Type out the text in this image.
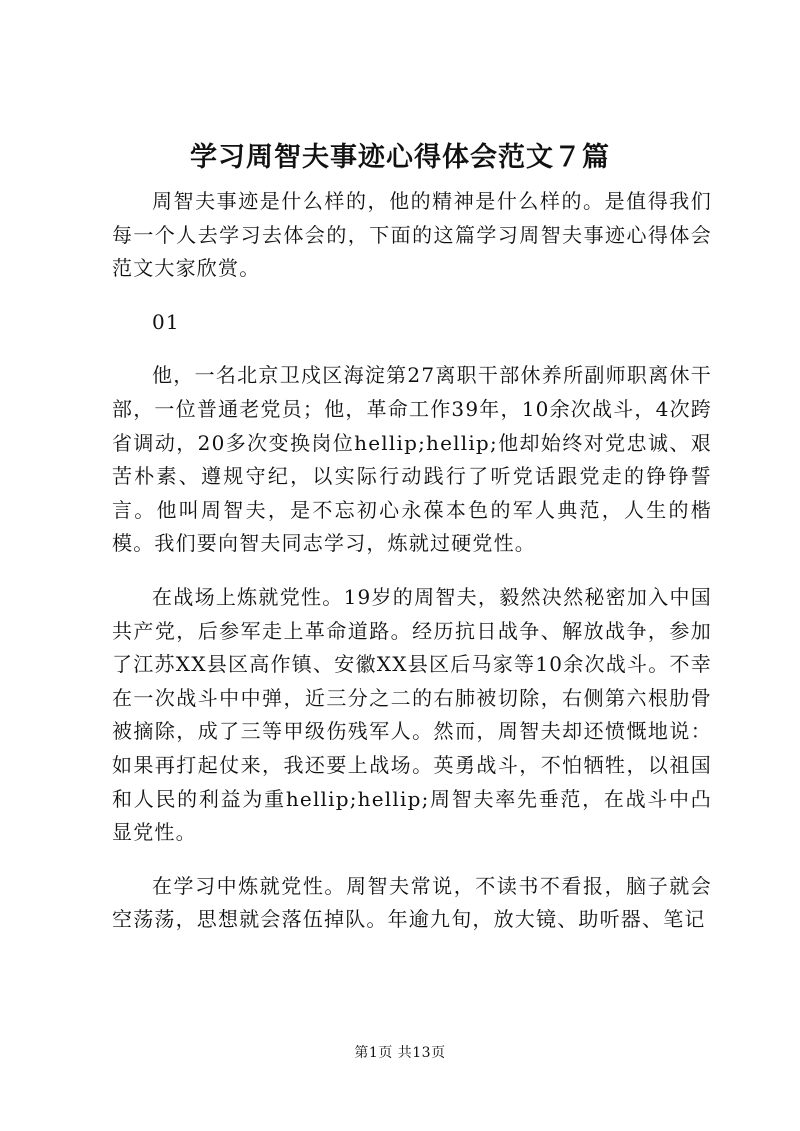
学习周智夫事迹心得体会范文７篇

周智夫事迹是什么样的，他的精神是什么样的。是值得我们每一个人去学习去体会的，下面的这篇学习周智夫事迹心得体会范文大家欣赏。

01

他，一名北京卫戍区海淀第27离职干部休养所副师职离休干部，一位普通老党员；他，革命工作39年，10余次战斗，4次跨省调动，20多次变换岗位hellip;hellip;他却始终对党忠诚、艰苦朴素、遵规守纪，以实际行动践行了听党话跟党走的铮铮誓言。他叫周智夫，是不忘初心永葆本色的军人典范，人生的楷模。我们要向智夫同志学习，炼就过硬党性。

在战场上炼就党性。19岁的周智夫，毅然决然秘密加入中国共产党，后参军走上革命道路。经历抗日战争、解放战争，参加了江苏XX县区高作镇、安徽XX县区后马家等10余次战斗。不幸在一次战斗中中弹，近三分之二的右肺被切除，右侧第六根肋骨被摘除，成了三等甲级伤残军人。然而，周智夫却还愤慨地说：如果再打起仗来，我还要上战场。英勇战斗，不怕牺牲，以祖国和人民的利益为重hellip;hellip;周智夫率先垂范，在战斗中凸显党性。

在学习中炼就党性。周智夫常说，不读书不看报，脑子就会空荡荡，思想就会落伍掉队。年逾九旬，放大镜、助听器、笔记

第1页 共13页
